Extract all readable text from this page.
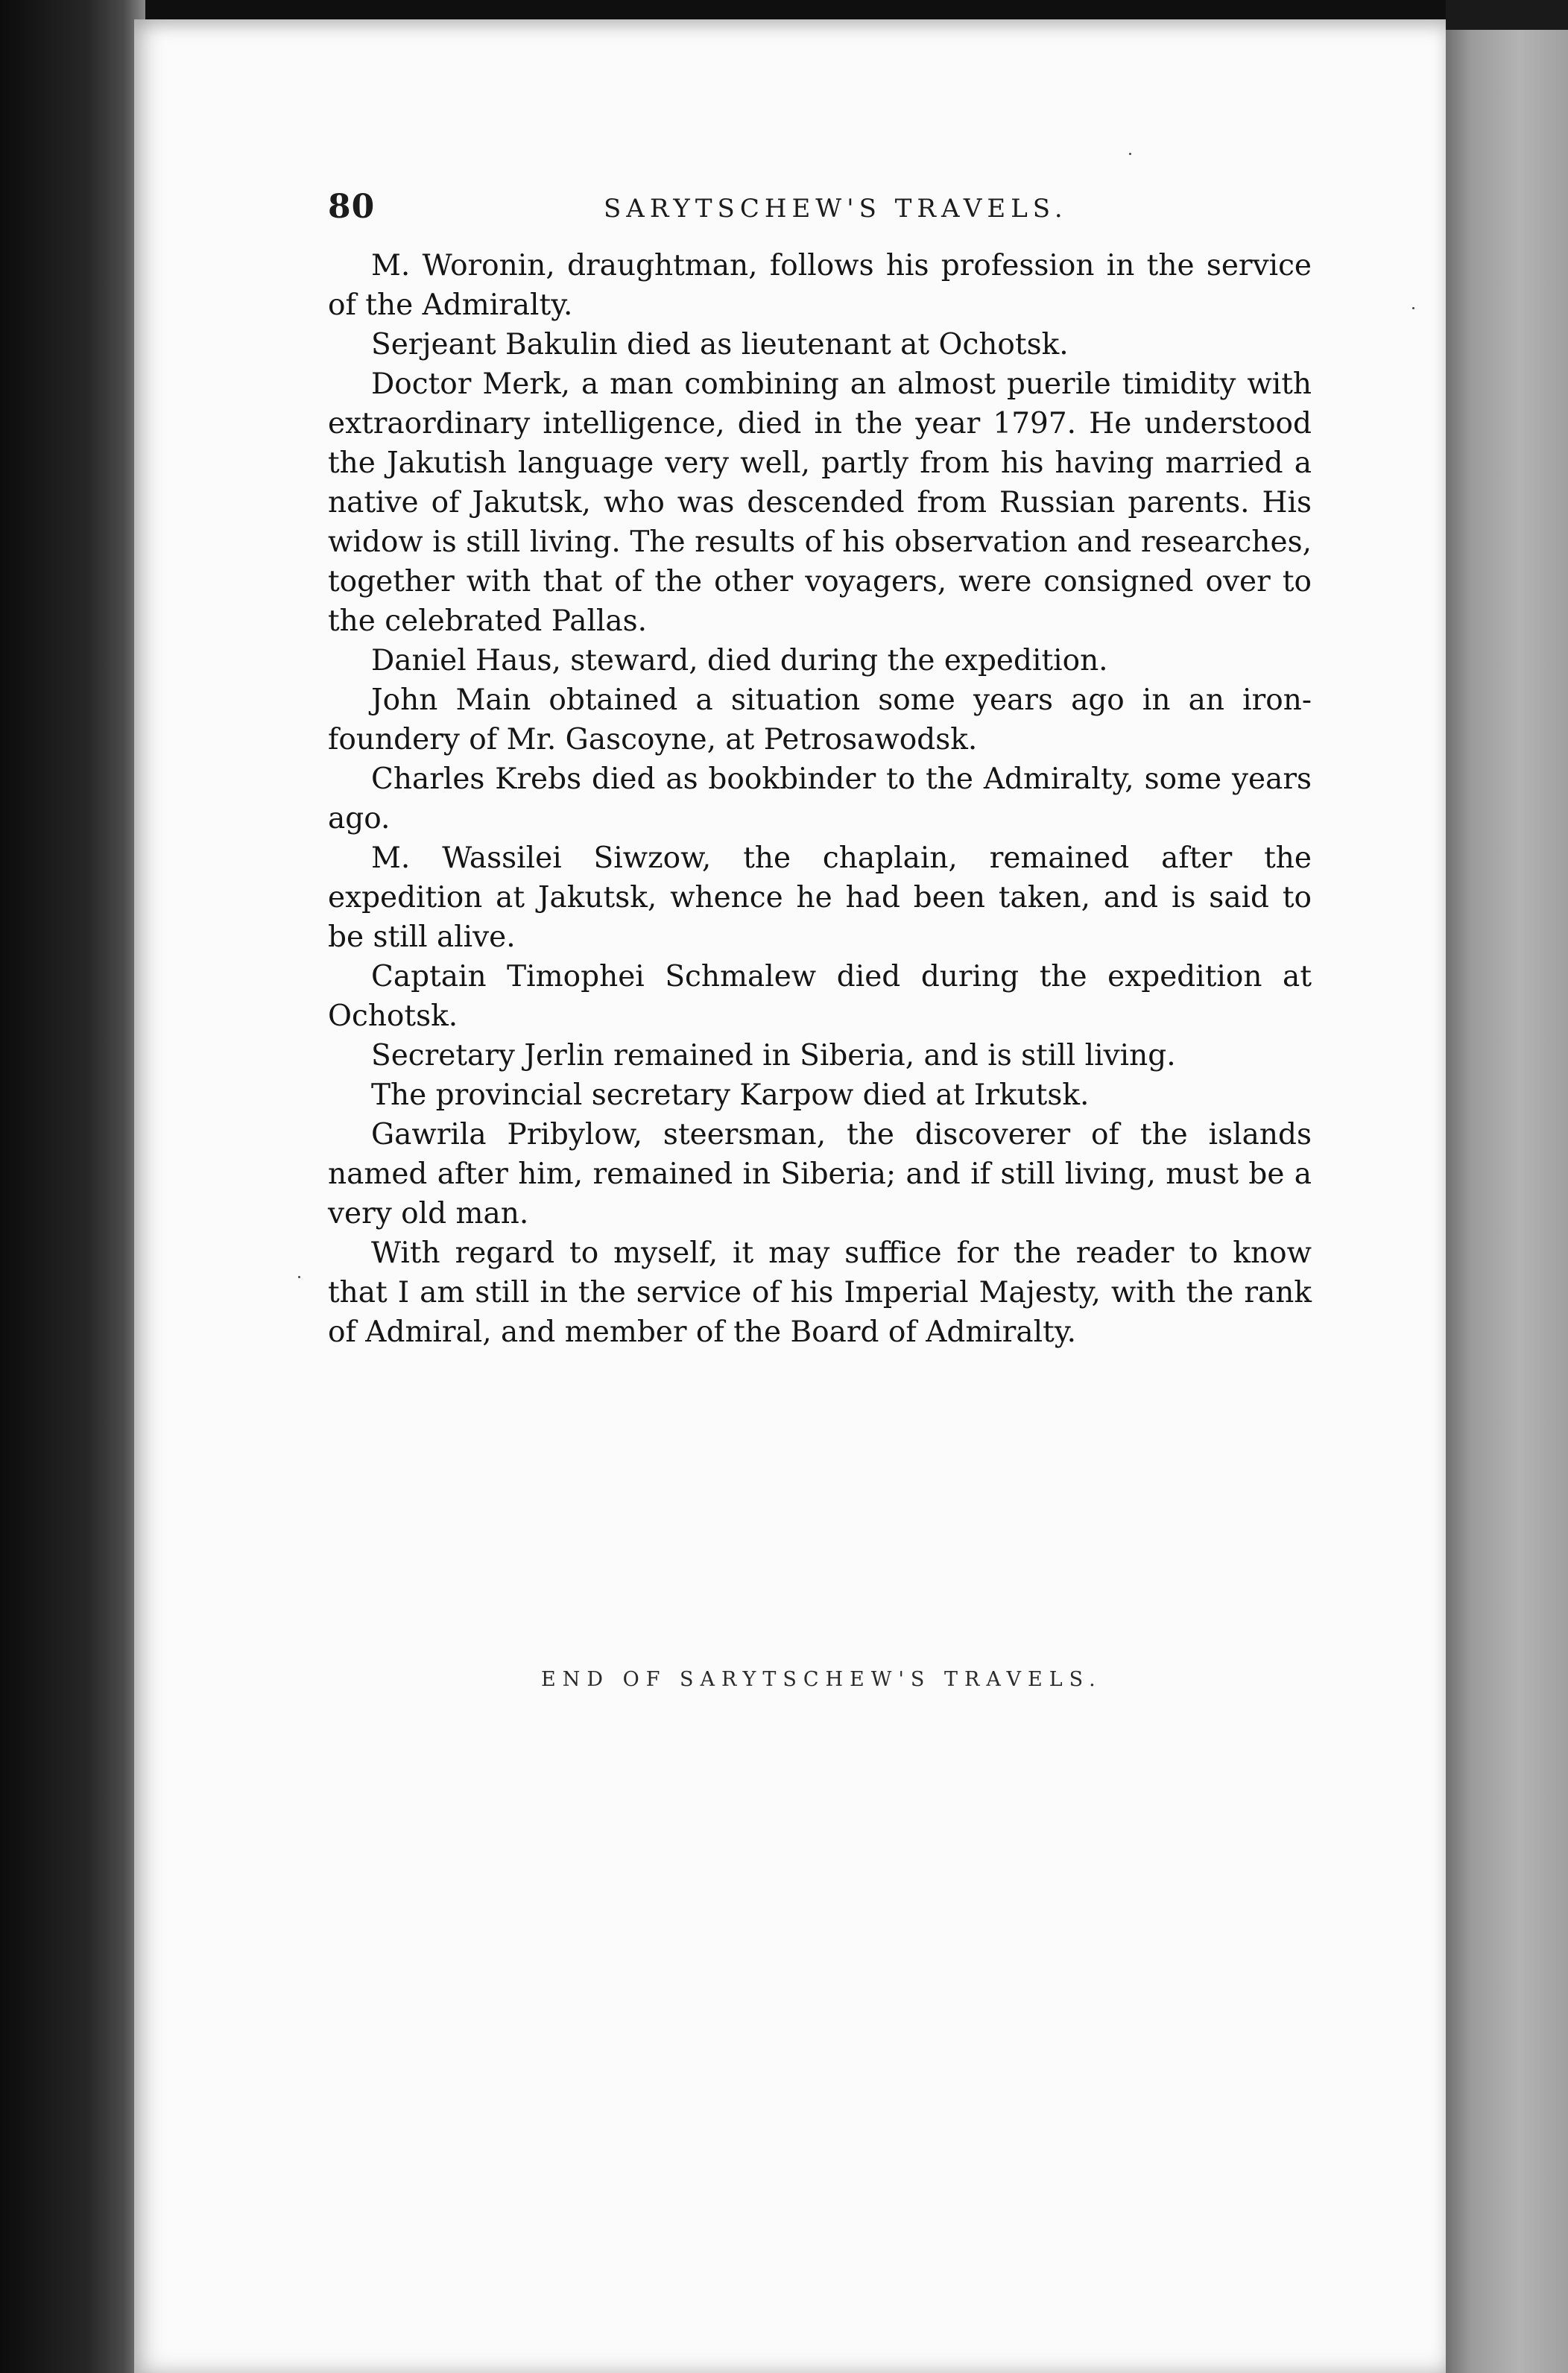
80	SARYTSCHEW'S TRAVELS.

M. Woronin, draughtman, follows his profession in the service of the Admiralty.

Serjeant Bakulin died as lieutenant at Ochotsk.

Doctor Merk, a man combining an almost puerile timidity with extraordinary intelligence, died in the year 1797. He understood the Jakutish language very well, partly from his having married a native of Jakutsk, who was descended from Russian parents. His widow is still living. The results of his observation and researches, together with that of the other voyagers, were consigned over to the celebrated Pallas.

Daniel Haus, steward, died during the expedition.

John Main obtained a situation some years ago in an iron-foundery of Mr. Gascoyne, at Petrosawodsk.

Charles Krebs died as bookbinder to the Admiralty, some years ago.

M. Wassilei Siwzow, the chaplain, remained after the expedition at Jakutsk, whence he had been taken, and is said to be still alive.

Captain Timophei Schmalew died during the expedition at Ochotsk.

Secretary Jerlin remained in Siberia, and is still living.

The provincial secretary Karpow died at Irkutsk.

Gawrila Pribylow, steersman, the discoverer of the islands named after him, remained in Siberia; and if still living, must be a very old man.

With regard to myself, it may suffice for the reader to know that I am still in the service of his Imperial Majesty, with the rank of Admiral, and member of the Board of Admiralty.

END OF SARYTSCHEW'S TRAVELS.
